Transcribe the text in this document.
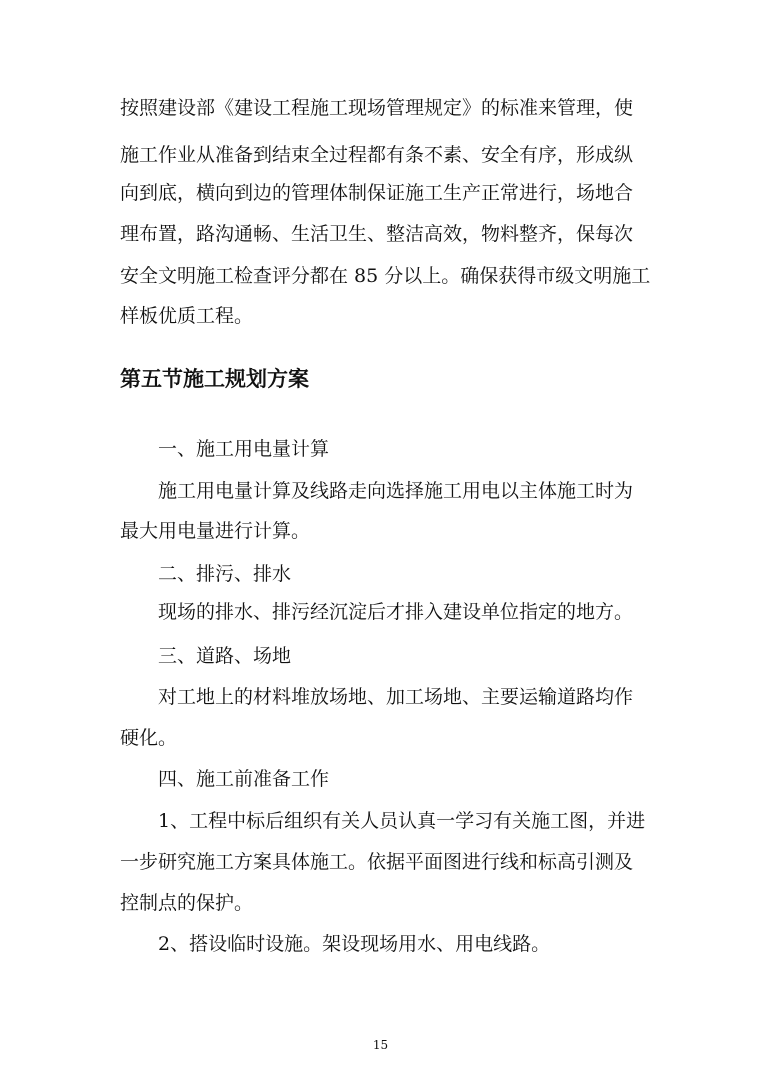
按照建设部《建设工程施工现场管理规定》的标准来管理，使
施工作业从准备到结束全过程都有条不素、安全有序，形成纵
向到底，横向到边的管理体制保证施工生产正常进行，场地合
理布置，路沟通畅、生活卫生、整洁高效，物料整齐，保每次
安全文明施工检查评分都在 85 分以上。确保获得市级文明施工
样板优质工程。
第五节施工规划方案
一、施工用电量计算
施工用电量计算及线路走向选择施工用电以主体施工时为
最大用电量进行计算。
二、排污、排水
现场的排水、排污经沉淀后才排入建设单位指定的地方。
三、道路、场地
对工地上的材料堆放场地、加工场地、主要运输道路均作
硬化。
四、施工前准备工作
1、工程中标后组织有关人员认真一学习有关施工图，并进
一步研究施工方案具体施工。依据平面图进行线和标高引测及
控制点的保护。
2、搭设临时设施。架设现场用水、用电线路。
15
